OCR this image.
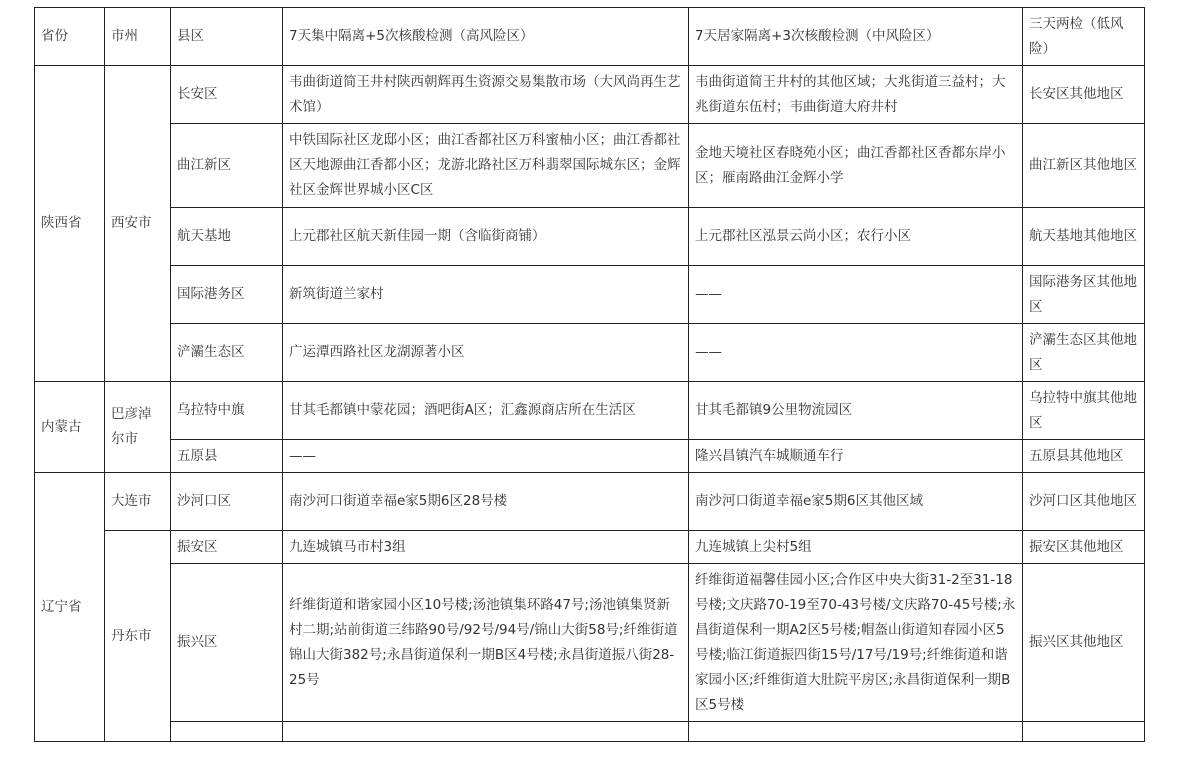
省份	市州	县区	7天集中隔离+5次核酸检测（高风险区）	7天居家隔离+3次核酸检测（中风险区）	三天两检（低风险）
陕西省	西安市	长安区	韦曲街道简王井村陕西朝辉再生资源交易集散市场（大风尚再生艺术馆）	韦曲街道简王井村的其他区域；大兆街道三益村；大兆街道东伍村；韦曲街道大府井村	长安区其他地区
		曲江新区	中铁国际社区龙邸小区；曲江香都社区万科蜜柚小区；曲江香都社区天地源曲江香都小区；龙游北路社区万科翡翠国际城东区；金辉社区金辉世界城小区C区	金地天境社区春晓苑小区；曲江香都社区香都东岸小区；雁南路曲江金辉小学	曲江新区其他地区
		航天基地	上元郡社区航天新佳园一期（含临街商铺）	上元郡社区泓景云尚小区；农行小区	航天基地其他地区
		国际港务区	新筑街道兰家村	——	国际港务区其他地区
		浐灞生态区	广运潭西路社区龙湖源著小区	——	浐灞生态区其他地区
内蒙古	巴彦淖尔市	乌拉特中旗	甘其毛都镇中蒙花园；酒吧街A区；汇鑫源商店所在生活区	甘其毛都镇9公里物流园区	乌拉特中旗其他地区
		五原县	——	隆兴昌镇汽车城顺通车行	五原县其他地区
辽宁省	大连市	沙河口区	南沙河口街道幸福e家5期6区28号楼	南沙河口街道幸福e家5期6区其他区域	沙河口区其他地区
	丹东市	振安区	九连城镇马市村3组	九连城镇上尖村5组	振安区其他地区
		振兴区	纤维街道和谐家园小区10号楼;汤池镇集环路47号;汤池镇集贤新村二期;站前街道三纬路90号/92号/94号/锦山大街58号;纤维街道锦山大街382号;永昌街道保利一期B区4号楼;永昌街道振八街28-25号	纤维街道福馨佳园小区;合作区中央大街31-2至31-18号楼;文庆路70-19至70-43号楼/文庆路70-45号楼;永昌街道保利一期A2区5号楼;帽盔山街道知春园小区5号楼;临江街道振四街15号/17号/19号;纤维街道和谐家园小区;纤维街道大肚院平房区;永昌街道保利一期B区5号楼	振兴区其他地区
